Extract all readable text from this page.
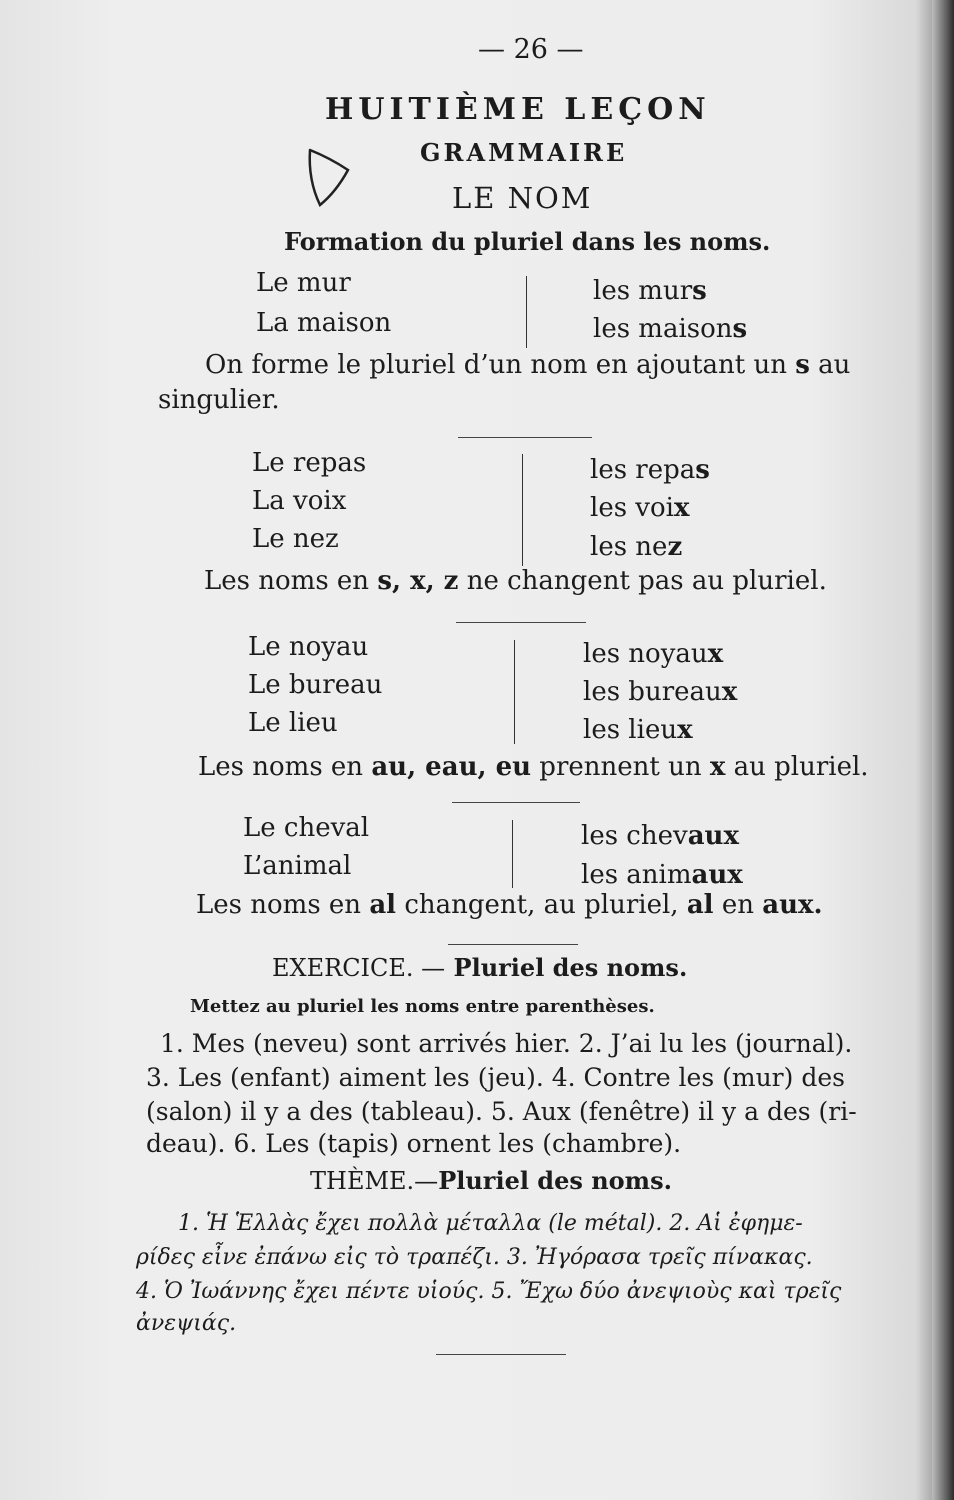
— 26 —
HUITIÈME LEÇON
GRAMMAIRE
D
LE NOM
Formation du pluriel dans les noms.
Le mur
La maison
les murs
les maisons
On forme le pluriel d’un nom en ajoutant un s au
singulier.
Le repas
La voix
Le nez
les repas
les voix
les nez
Les noms en s, x, z ne changent pas au pluriel.
Le noyau
Le bureau
Le lieu
les noyaux
les bureaux
les lieux
Les noms en au, eau, eu prennent un x au pluriel.
Le cheval
L’animal
les chevaux
les animaux
Les noms en al changent, au pluriel, al en aux.
EXERCICE. — Pluriel des noms.
Mettez au pluriel les noms entre parenthèses.
1. Mes (neveu) sont arrivés hier. 2. J’ai lu les (journal).
3. Les (enfant) aiment les (jeu). 4. Contre les (mur) des
(salon) il y a des (tableau). 5. Aux (fenêtre) il y a des (ri-
deau). 6. Les (tapis) ornent les (chambre).
THÈME.—Pluriel des noms.
1. Ἡ Ἑλλὰς ἔχει πολλὰ μέταλλα (le métal). 2. Αἱ ἐφημε-
ρίδες εἶνε ἐπάνω εἰς τὸ τραπέζι. 3. Ἠγόρασα τρεῖς πίνακας.
4. Ὁ Ἰωάννης ἔχει πέντε υἱούς. 5. Ἔχω δύο ἀνεψιοὺς καὶ τρεῖς
ἀνεψιάς.
